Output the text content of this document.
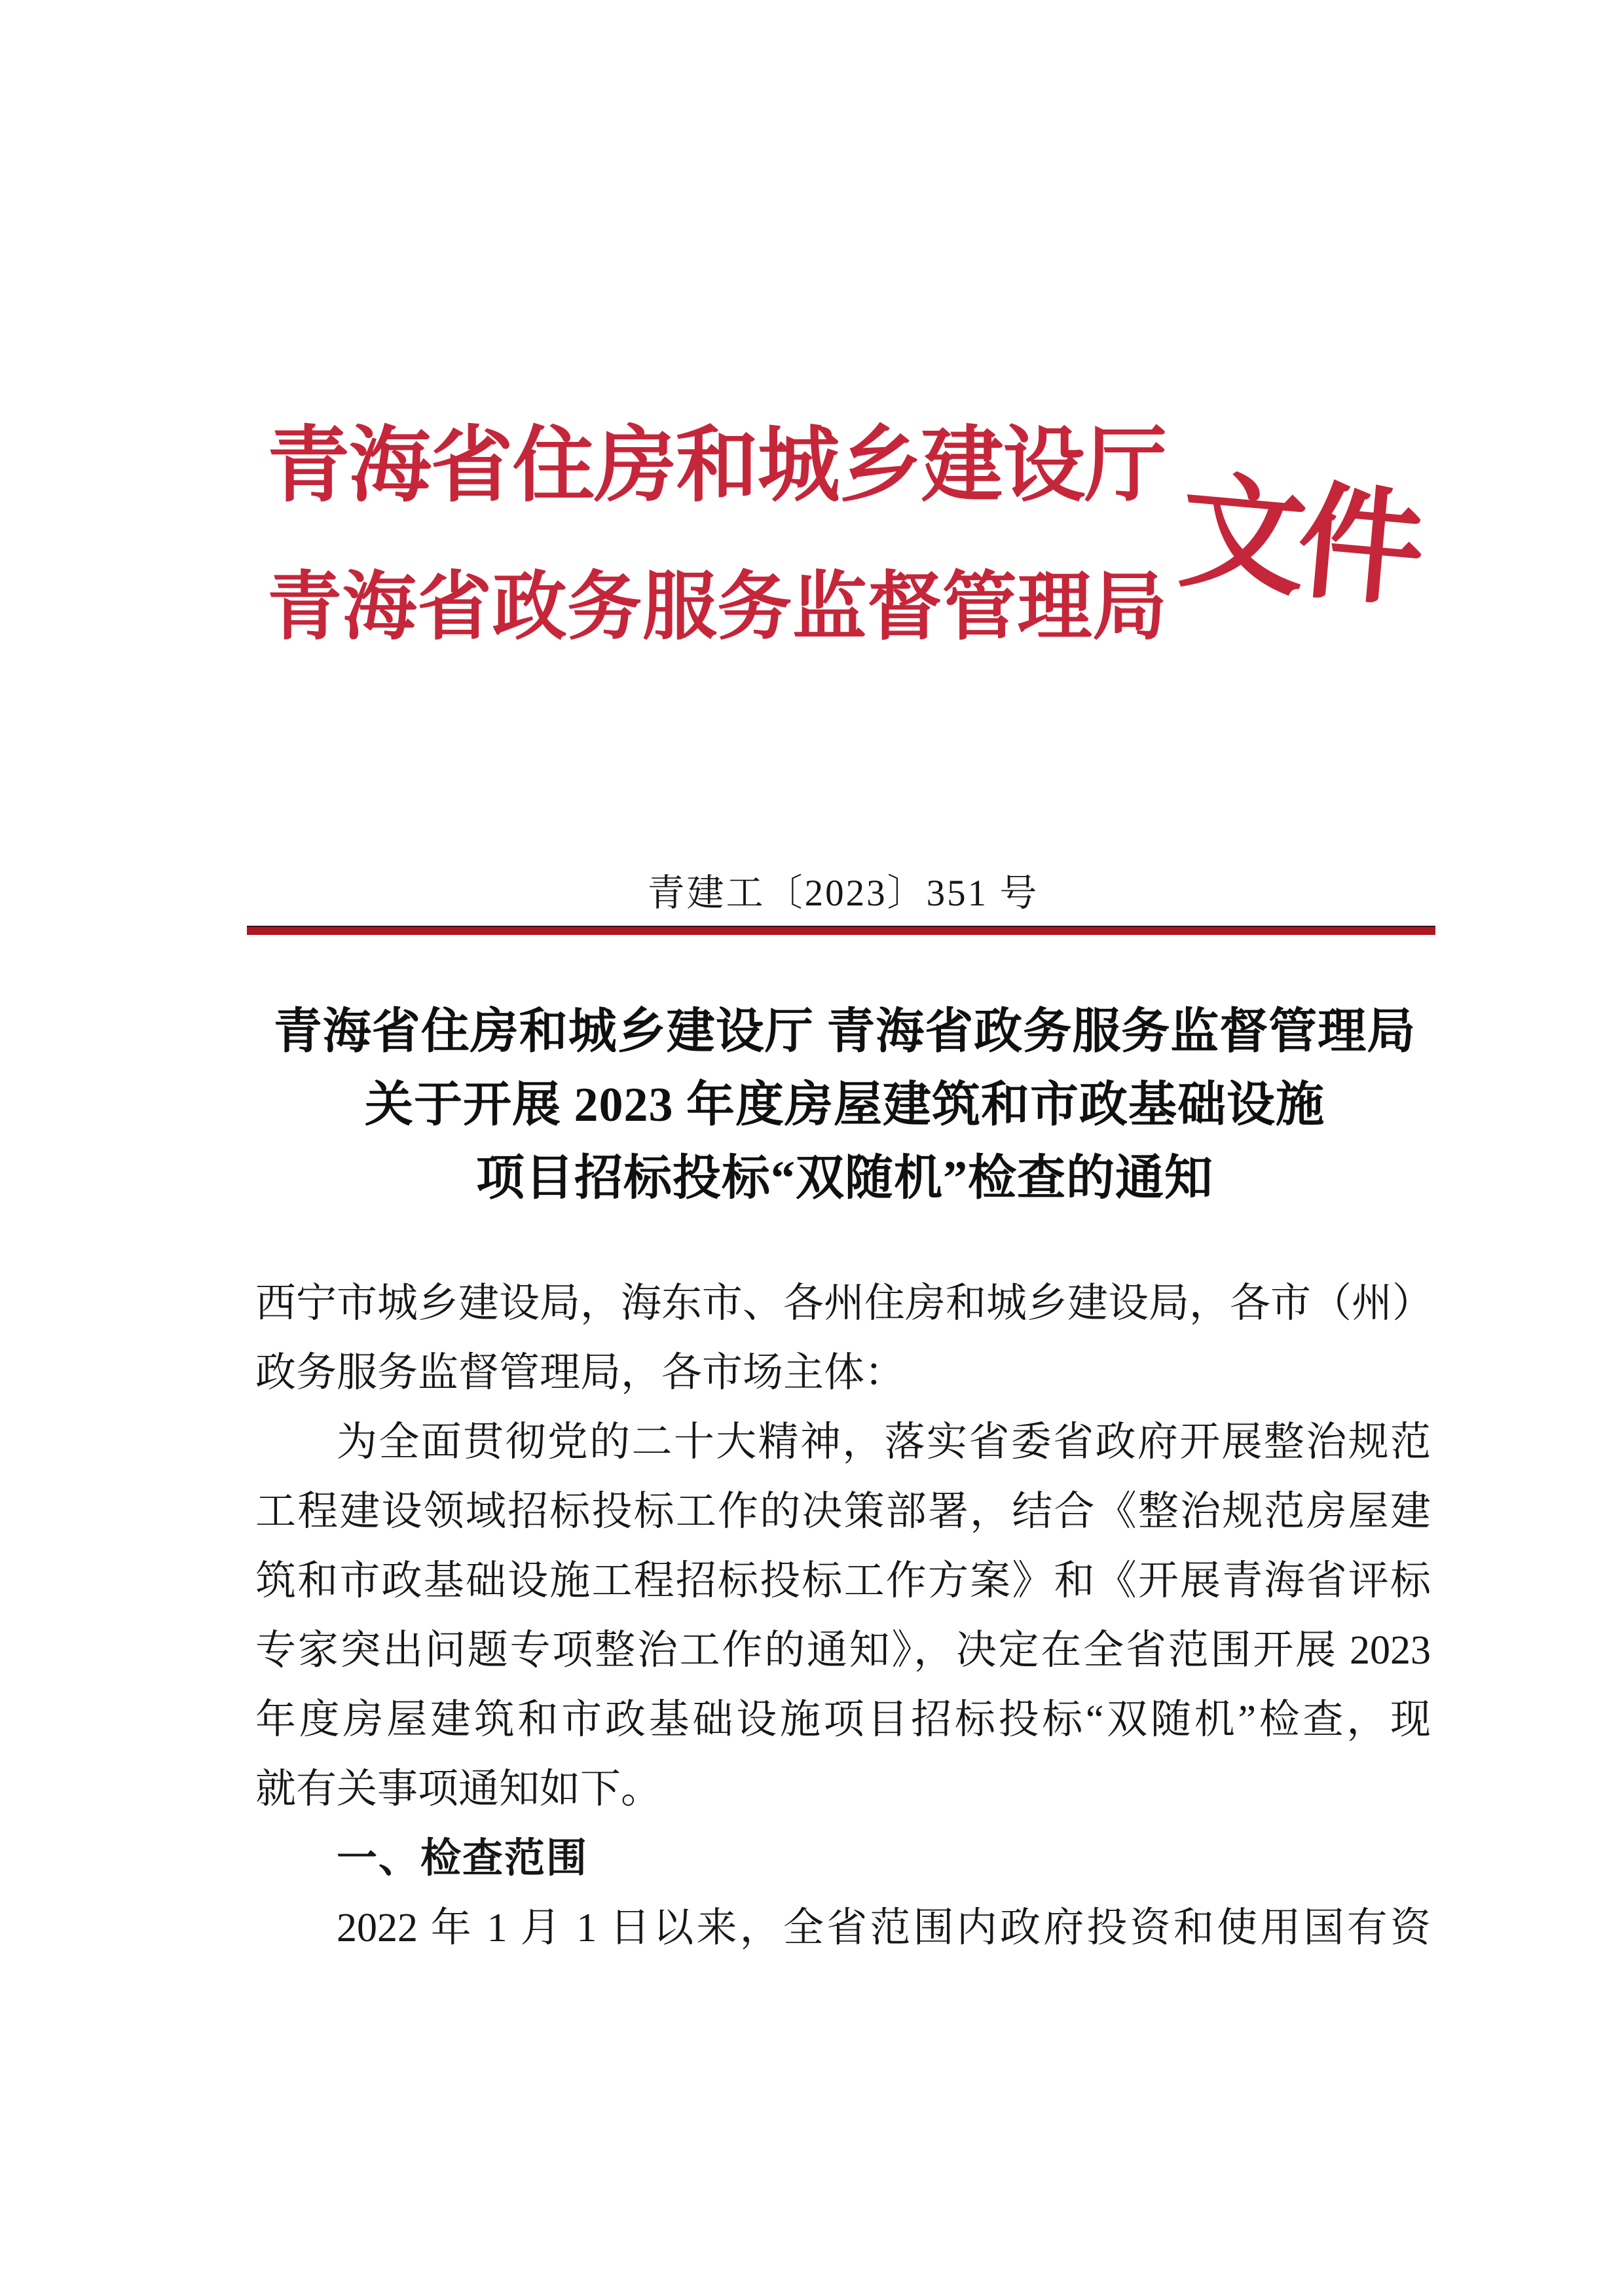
青海省住房和城乡建设厅
青海省政务服务监督管理局 文件
青建工〔2023〕351 号
青海省住房和城乡建设厅 青海省政务服务监督管理局
关于开展 2023 年度房屋建筑和市政基础设施
项目招标投标“双随机”检查的通知
西宁市城乡建设局，海东市、各州住房和城乡建设局，各市（州）
政务服务监督管理局，各市场主体：
为全面贯彻党的二十大精神，落实省委省政府开展整治规范
工程建设领域招标投标工作的决策部署，结合《整治规范房屋建
筑和市政基础设施工程招标投标工作方案》和《开展青海省评标
专家突出问题专项整治工作的通知》，决定在全省范围开展 2023
年度房屋建筑和市政基础设施项目招标投标“双随机”检查，现
就有关事项通知如下。
一、检查范围
2022 年 1 月 1 日以来，全省范围内政府投资和使用国有资
